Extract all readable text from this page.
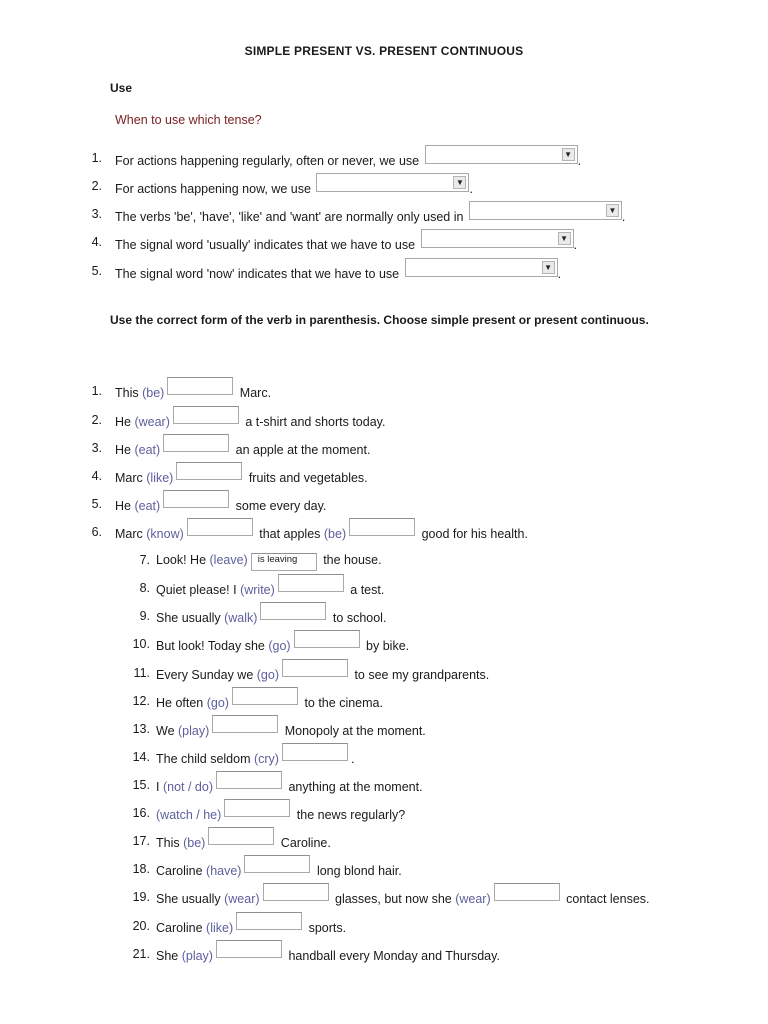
SIMPLE PRESENT VS. PRESENT CONTINUOUS
Use
When to use which tense?
1. For actions happening regularly, often or never, we use	▼ .
2. For actions happening now, we use	▼ .
3. The verbs 'be', 'have', 'like' and 'want' are normally only used in	▼ .
4. The signal word 'usually' indicates that we have to use	▼ .
5. The signal word 'now' indicates that we have to use	▼ .
Use the correct form of the verb in parenthesis. Choose simple present or present continuous.
1. This (be)	Marc.
2. He (wear)	a t-shirt and shorts today.
3. He (eat)	an apple at the moment.
4. Marc (like)	fruits and vegetables.
5. He (eat)	some every day.
6. Marc (know)	that apples (be)	good for his health.
7. Look! He (leave) is leaving the house.
8. Quiet please! I (write)	a test.
9. She usually (walk)	to school.
10. But look! Today she (go)	by bike.
11. Every Sunday we (go)	to see my grandparents.
12. He often (go)	to the cinema.
13. We (play)	Monopoly at the moment.
14. The child seldom (cry)	.
15. I (not / do)	anything at the moment.
16. (watch / he)	the news regularly?
17. This (be)	Caroline.
18. Caroline (have)	long blond hair.
19. She usually (wear)	glasses, but now she (wear)	contact lenses.
20. Caroline (like)	sports.
21. She (play)	handball every Monday and Thursday.
